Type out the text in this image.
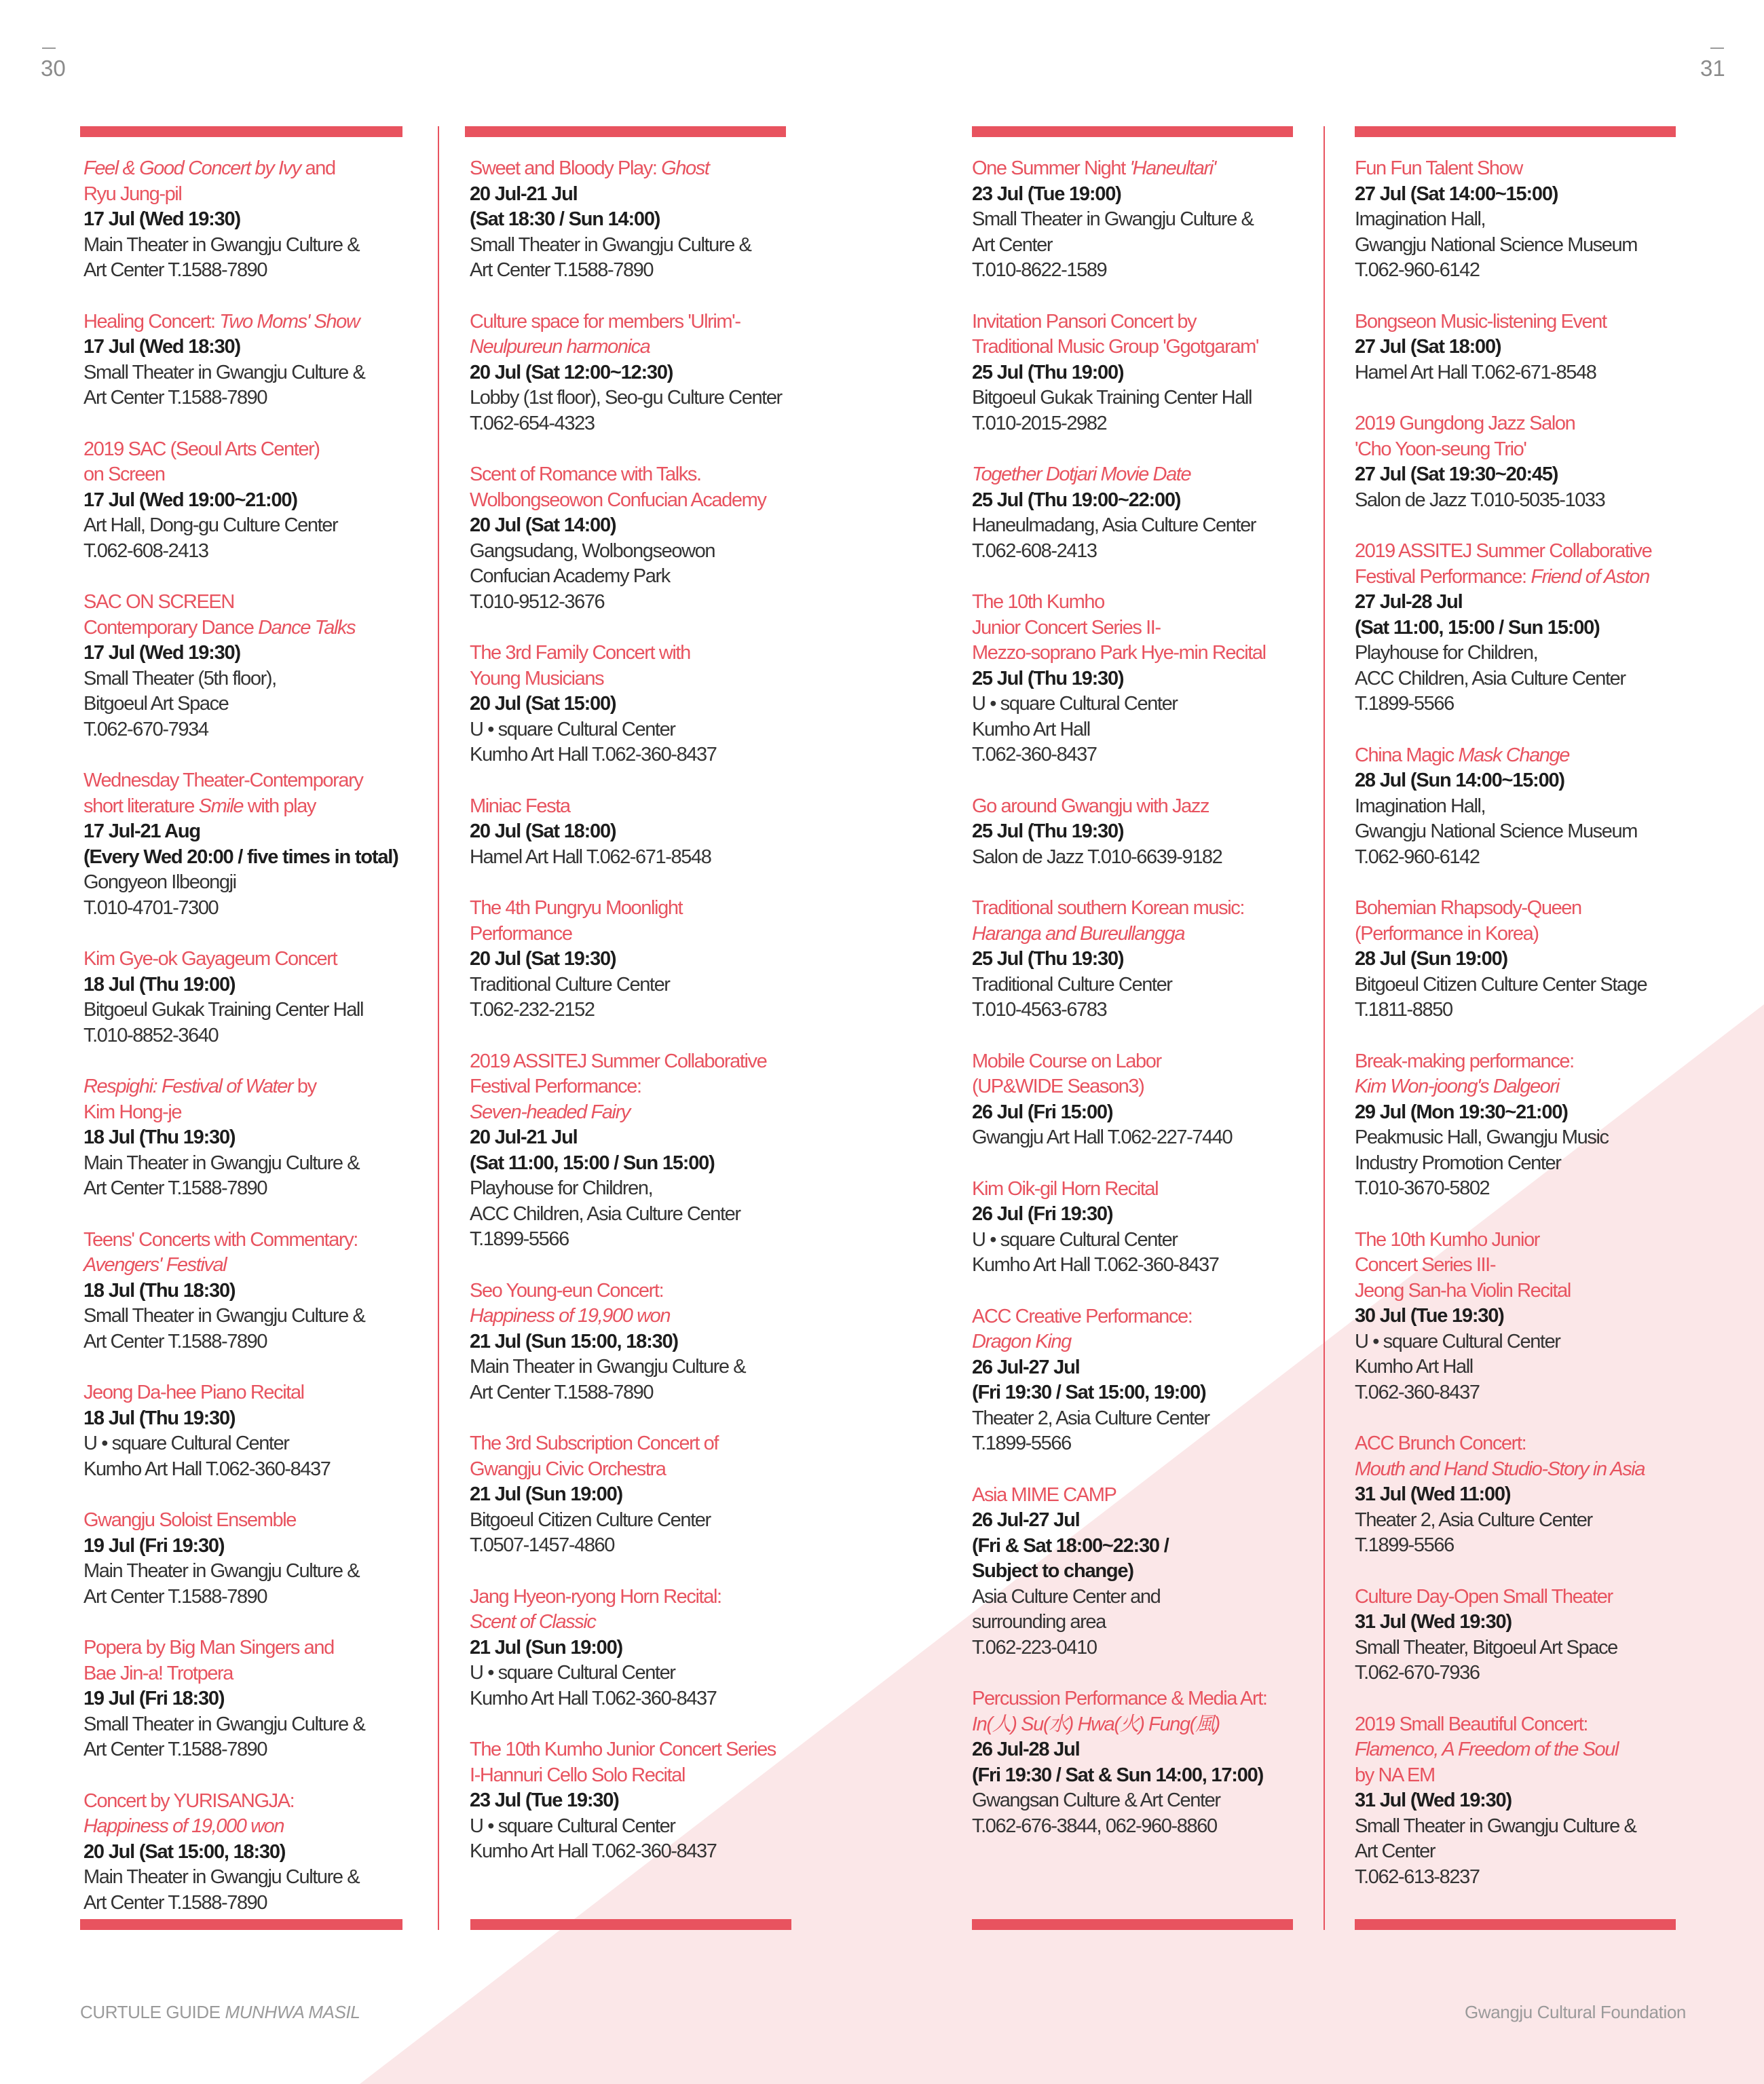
30	31
Feel & Good Concert by Ivy and
Ryu Jung-pil
17 Jul (Wed 19:30)
Main Theater in Gwangju Culture &
Art Center T.1588-7890
Healing Concert: Two Moms' Show
17 Jul (Wed 18:30)
Small Theater in Gwangju Culture &
Art Center T.1588-7890
2019 SAC (Seoul Arts Center)
on Screen
17 Jul (Wed 19:00~21:00)
Art Hall, Dong-gu Culture Center
T.062-608-2413
SAC ON SCREEN
Contemporary Dance Dance Talks
17 Jul (Wed 19:30)
Small Theater (5th floor),
Bitgoeul Art Space
T.062-670-7934
Wednesday Theater-Contemporary
short literature Smile with play
17 Jul-21 Aug
(Every Wed 20:00 / five times in total)
Gongyeon Ilbeongji
T.010-4701-7300
Kim Gye-ok Gayageum Concert
18 Jul (Thu 19:00)
Bitgoeul Gukak Training Center Hall
T.010-8852-3640
Respighi: Festival of Water by
Kim Hong-je
18 Jul (Thu 19:30)
Main Theater in Gwangju Culture &
Art Center T.1588-7890
Teens' Concerts with Commentary:
Avengers' Festival
18 Jul (Thu 18:30)
Small Theater in Gwangju Culture &
Art Center T.1588-7890
Jeong Da-hee Piano Recital
18 Jul (Thu 19:30)
U • square Cultural Center
Kumho Art Hall T.062-360-8437
Gwangju Soloist Ensemble
19 Jul (Fri 19:30)
Main Theater in Gwangju Culture &
Art Center T.1588-7890
Popera by Big Man Singers and
Bae Jin-a! Trotpera
19 Jul (Fri 18:30)
Small Theater in Gwangju Culture &
Art Center T.1588-7890
Concert by YURISANGJA:
Happiness of 19,000 won
20 Jul (Sat 15:00, 18:30)
Main Theater in Gwangju Culture &
Art Center T.1588-7890
Sweet and Bloody Play: Ghost
20 Jul-21 Jul
(Sat 18:30 / Sun 14:00)
Small Theater in Gwangju Culture &
Art Center T.1588-7890
Culture space for members 'Ulrim'-
Neulpureun harmonica
20 Jul (Sat 12:00~12:30)
Lobby (1st floor), Seo-gu Culture Center
T.062-654-4323
Scent of Romance with Talks.
Wolbongseowon Confucian Academy
20 Jul (Sat 14:00)
Gangsudang, Wolbongseowon
Confucian Academy Park
T.010-9512-3676
The 3rd Family Concert with
Young Musicians
20 Jul (Sat 15:00)
U • square Cultural Center
Kumho Art Hall T.062-360-8437
Miniac Festa
20 Jul (Sat 18:00)
Hamel Art Hall T.062-671-8548
The 4th Pungryu Moonlight
Performance
20 Jul (Sat 19:30)
Traditional Culture Center
T.062-232-2152
2019 ASSITEJ Summer Collaborative
Festival Performance:
Seven-headed Fairy
20 Jul-21 Jul
(Sat 11:00, 15:00 / Sun 15:00)
Playhouse for Children,
ACC Children, Asia Culture Center
T.1899-5566
Seo Young-eun Concert:
Happiness of 19,900 won
21 Jul (Sun 15:00, 18:30)
Main Theater in Gwangju Culture &
Art Center T.1588-7890
The 3rd Subscription Concert of
Gwangju Civic Orchestra
21 Jul (Sun 19:00)
Bitgoeul Citizen Culture Center
T.0507-1457-4860
Jang Hyeon-ryong Horn Recital:
Scent of Classic
21 Jul (Sun 19:00)
U • square Cultural Center
Kumho Art Hall T.062-360-8437
The 10th Kumho Junior Concert Series
I-Hannuri Cello Solo Recital
23 Jul (Tue 19:30)
U • square Cultural Center
Kumho Art Hall T.062-360-8437
One Summer Night 'Haneultari'
23 Jul (Tue 19:00)
Small Theater in Gwangju Culture &
Art Center
T.010-8622-1589
Invitation Pansori Concert by
Traditional Music Group 'Ggotgaram'
25 Jul (Thu 19:00)
Bitgoeul Gukak Training Center Hall
T.010-2015-2982
Together Dotjari Movie Date
25 Jul (Thu 19:00~22:00)
Haneulmadang, Asia Culture Center
T.062-608-2413
The 10th Kumho
Junior Concert Series II-
Mezzo-soprano Park Hye-min Recital
25 Jul (Thu 19:30)
U • square Cultural Center
Kumho Art Hall
T.062-360-8437
Go around Gwangju with Jazz
25 Jul (Thu 19:30)
Salon de Jazz T.010-6639-9182
Traditional southern Korean music:
Haranga and Bureullangga
25 Jul (Thu 19:30)
Traditional Culture Center
T.010-4563-6783
Mobile Course on Labor
(UP&WIDE Season3)
26 Jul (Fri 15:00)
Gwangju Art Hall T.062-227-7440
Kim Oik-gil Horn Recital
26 Jul (Fri 19:30)
U • square Cultural Center
Kumho Art Hall T.062-360-8437
ACC Creative Performance:
Dragon King
26 Jul-27 Jul
(Fri 19:30 / Sat 15:00, 19:00)
Theater 2, Asia Culture Center
T.1899-5566
Asia MIME CAMP
26 Jul-27 Jul
(Fri & Sat 18:00~22:30 /
Subject to change)
Asia Culture Center and
surrounding area
T.062-223-0410
Percussion Performance & Media Art:
In(人) Su(水) Hwa(火) Fung(風)
26 Jul-28 Jul
(Fri 19:30 / Sat & Sun 14:00, 17:00)
Gwangsan Culture & Art Center
T.062-676-3844, 062-960-8860
Fun Fun Talent Show
27 Jul (Sat 14:00~15:00)
Imagination Hall,
Gwangju National Science Museum
T.062-960-6142
Bongseon Music-listening Event
27 Jul (Sat 18:00)
Hamel Art Hall T.062-671-8548
2019 Gungdong Jazz Salon
'Cho Yoon-seung Trio'
27 Jul (Sat 19:30~20:45)
Salon de Jazz T.010-5035-1033
2019 ASSITEJ Summer Collaborative
Festival Performance: Friend of Aston
27 Jul-28 Jul
(Sat 11:00, 15:00 / Sun 15:00)
Playhouse for Children,
ACC Children, Asia Culture Center
T.1899-5566
China Magic Mask Change
28 Jul (Sun 14:00~15:00)
Imagination Hall,
Gwangju National Science Museum
T.062-960-6142
Bohemian Rhapsody-Queen
(Performance in Korea)
28 Jul (Sun 19:00)
Bitgoeul Citizen Culture Center Stage
T.1811-8850
Break-making performance:
Kim Won-joong's Dalgeori
29 Jul (Mon 19:30~21:00)
Peakmusic Hall, Gwangju Music
Industry Promotion Center
T.010-3670-5802
The 10th Kumho Junior
Concert Series III-
Jeong San-ha Violin Recital
30 Jul (Tue 19:30)
U • square Cultural Center
Kumho Art Hall
T.062-360-8437
ACC Brunch Concert:
Mouth and Hand Studio-Story in Asia
31 Jul (Wed 11:00)
Theater 2, Asia Culture Center
T.1899-5566
Culture Day-Open Small Theater
31 Jul (Wed 19:30)
Small Theater, Bitgoeul Art Space
T.062-670-7936
2019 Small Beautiful Concert:
Flamenco, A Freedom of the Soul
by NA EM
31 Jul (Wed 19:30)
Small Theater in Gwangju Culture &
Art Center
T.062-613-8237
CURTULE GUIDE MUNHWA MASIL	Gwangju Cultural Foundation
